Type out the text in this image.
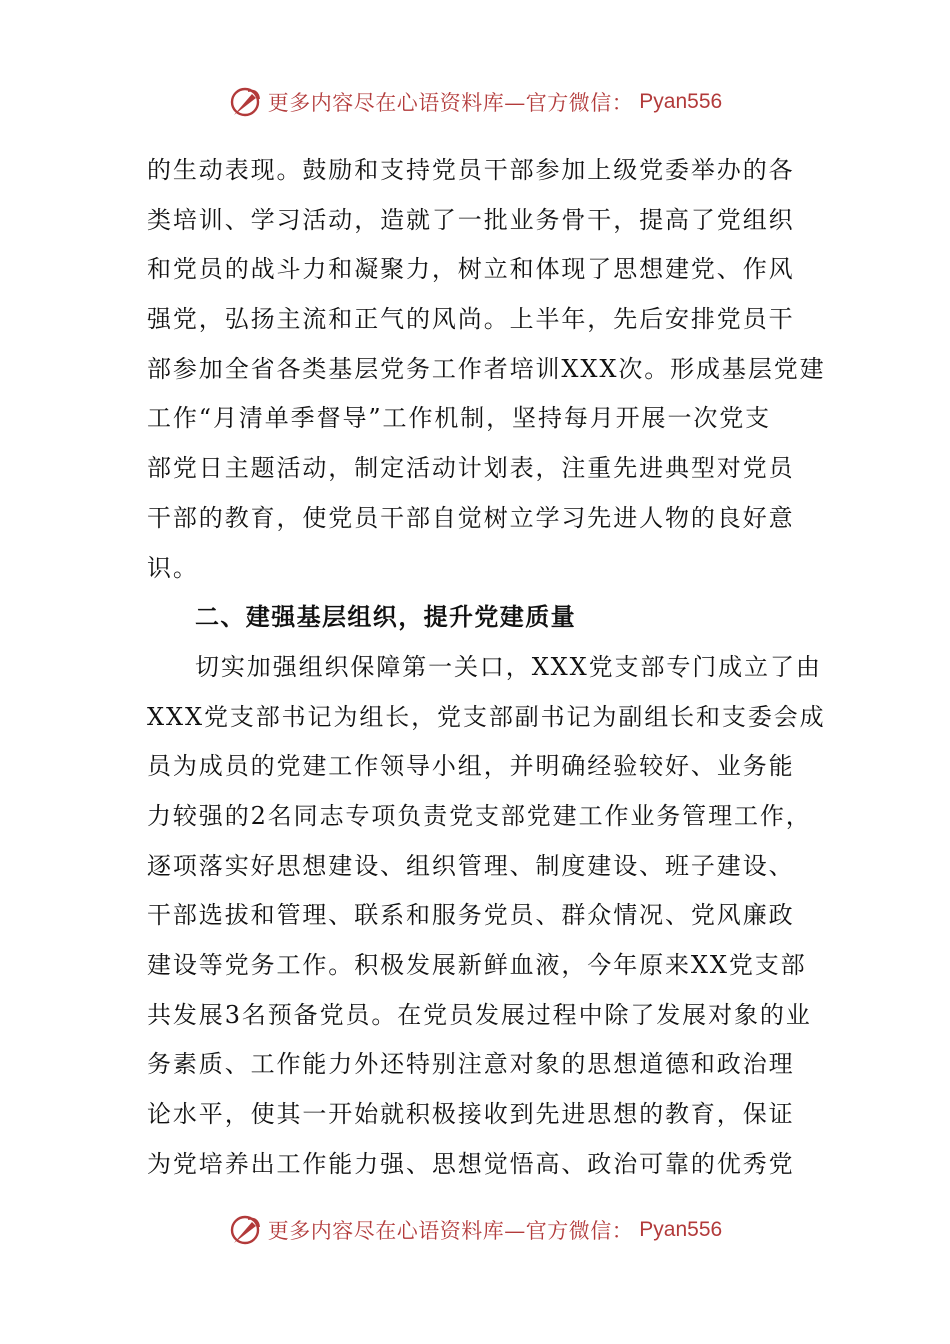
更多内容尽在心语资料库—官方微信： Pyan556
的生动表现。鼓励和支持党员干部参加上级党委举办的各
类培训、学习活动，造就了一批业务骨干，提高了党组织
和党员的战斗力和凝聚力，树立和体现了思想建党、作风
强党，弘扬主流和正气的风尚。上半年，先后安排党员干
部参加全省各类基层党务工作者培训XXX次。形成基层党建
工作“月清单季督导”工作机制，坚持每月开展一次党支
部党日主题活动，制定活动计划表，注重先进典型对党员
干部的教育，使党员干部自觉树立学习先进人物的良好意
识。
二、建强基层组织，提升党建质量
切实加强组织保障第一关口，XXX党支部专门成立了由
XXX党支部书记为组长，党支部副书记为副组长和支委会成
员为成员的党建工作领导小组，并明确经验较好、业务能
力较强的2名同志专项负责党支部党建工作业务管理工作，
逐项落实好思想建设、组织管理、制度建设、班子建设、
干部选拔和管理、联系和服务党员、群众情况、党风廉政
建设等党务工作。积极发展新鲜血液，今年原来XX党支部
共发展3名预备党员。在党员发展过程中除了发展对象的业
务素质、工作能力外还特别注意对象的思想道德和政治理
论水平，使其一开始就积极接收到先进思想的教育，保证
为党培养出工作能力强、思想觉悟高、政治可靠的优秀党
更多内容尽在心语资料库—官方微信： Pyan556
